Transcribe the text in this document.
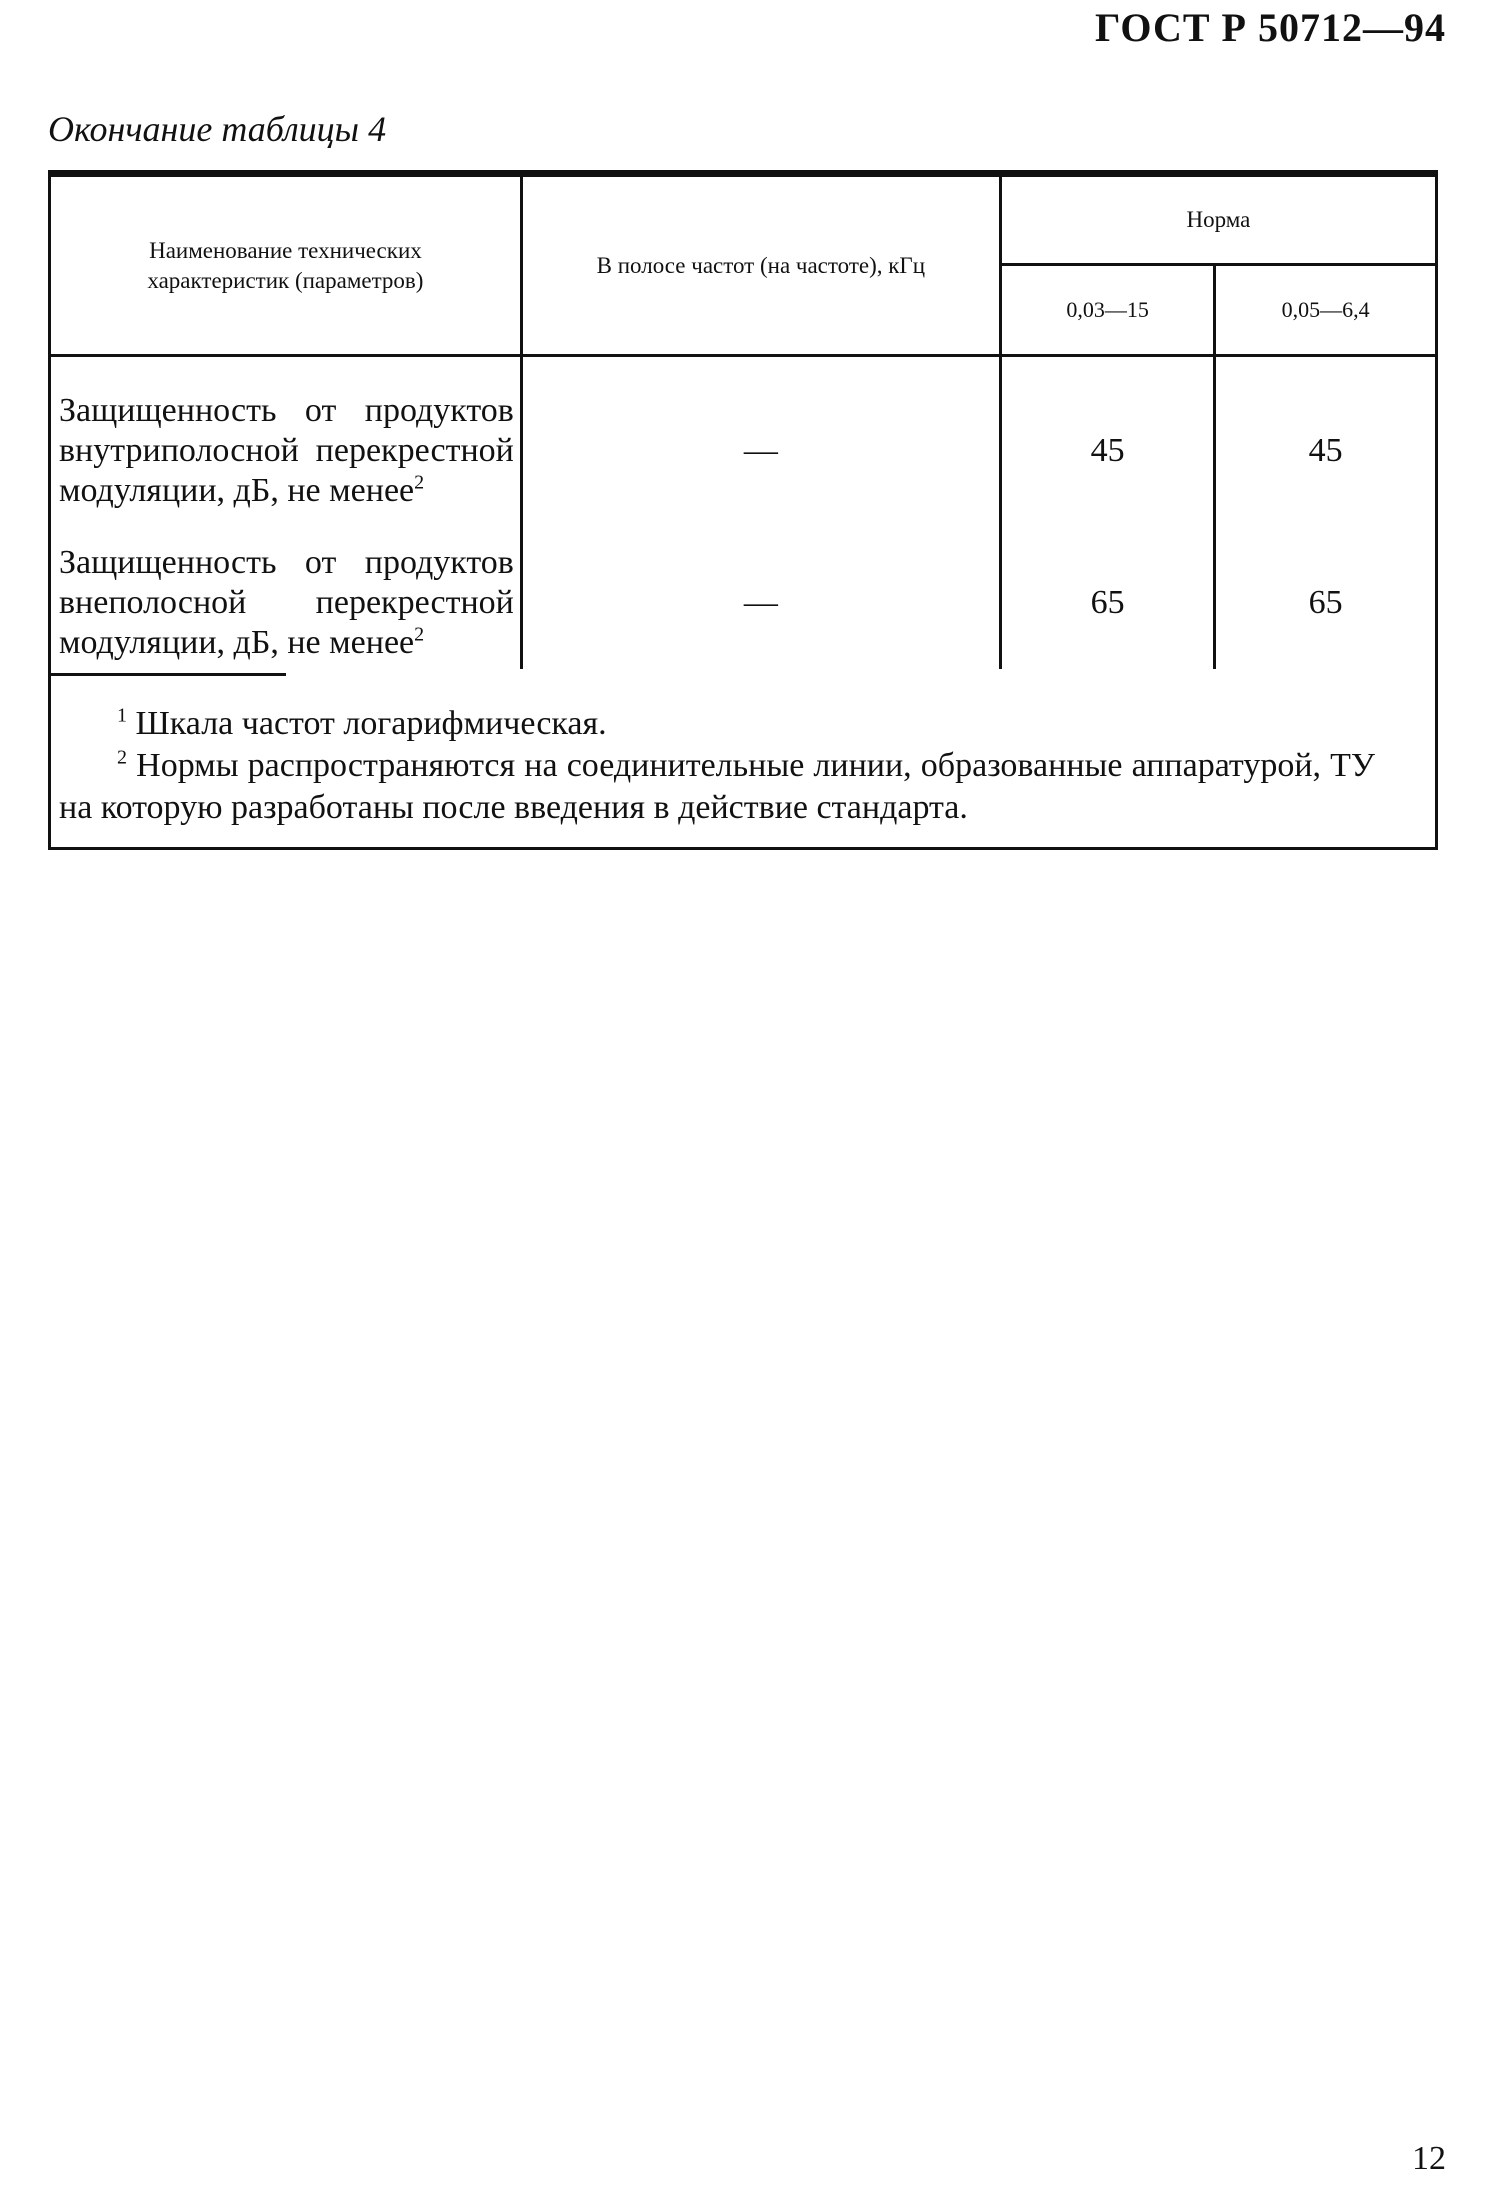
ГОСТ Р 50712—94

Окончание таблицы 4

Наименование технических характеристик (параметров)	В полосе частот (на частоте), кГц	Норма	
		0,03—15	0,05—6,4
Защищенность от продуктов внутриполосной перекрестной модуляции, дБ, не менее$^2$	—	45	45
Защищенность от продуктов внеполосной перекрестной модуляции, дБ, не менее$^2$	—	65	65

$^1$ Шкала частот логарифмическая.

$^2$ Нормы распространяются на соединительные линии, образованные аппаратурой, ТУ на которую разработаны после введения в действие стандарта.

12
